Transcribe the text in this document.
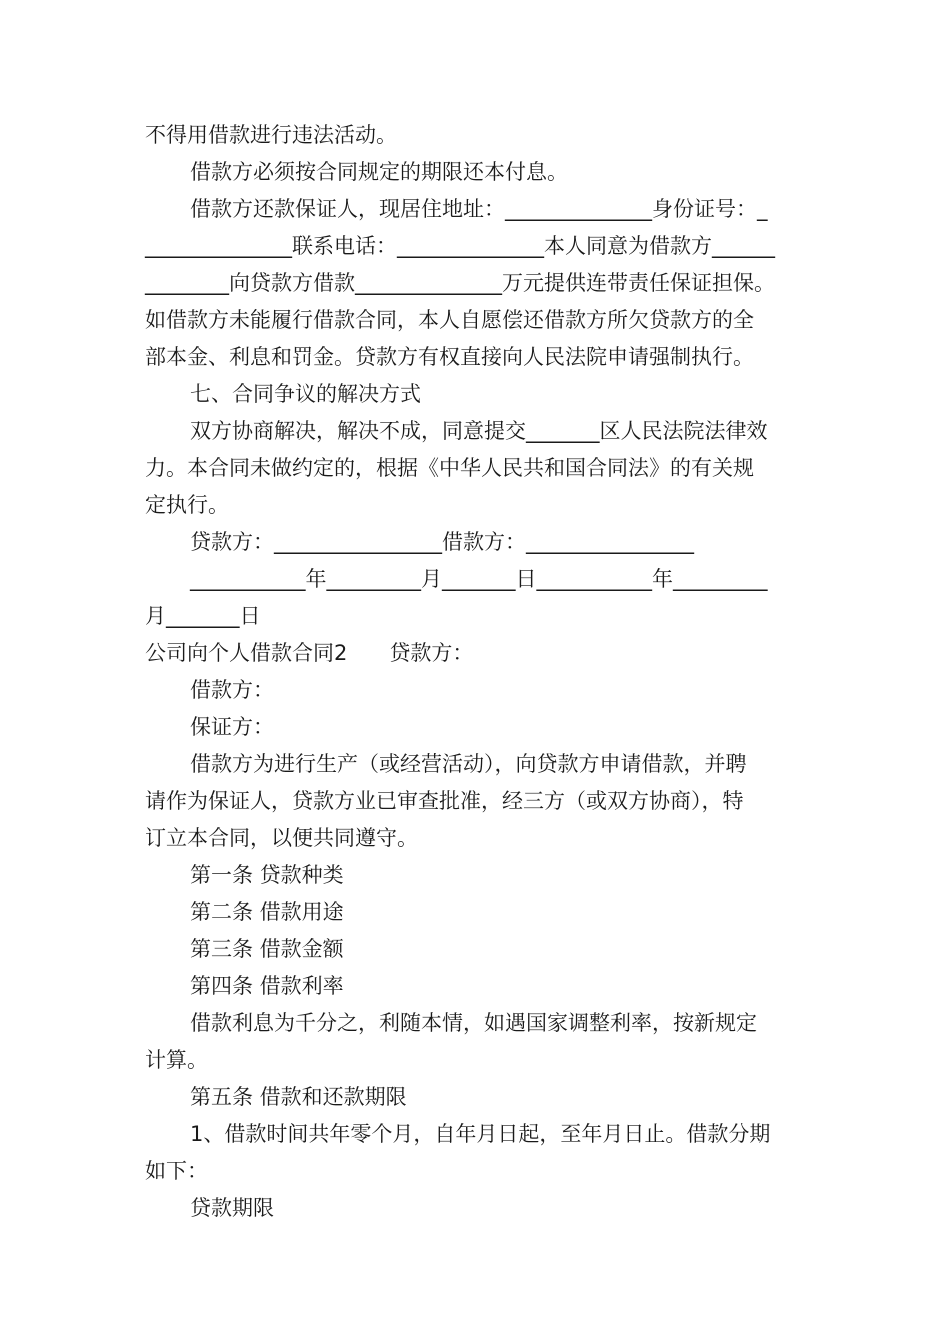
不得用借款进行违法活动。
借款方必须按合同规定的期限还本付息。
借款方还款保证人，现居住地址：______________身份证号：_
______________联系电话：______________本人同意为借款方______
________向贷款方借款______________万元提供连带责任保证担保。
如借款方未能履行借款合同，本人自愿偿还借款方所欠贷款方的全
部本金、利息和罚金。贷款方有权直接向人民法院申请强制执行。
七、合同争议的解决方式
双方协商解决，解决不成，同意提交_______区人民法院法律效
力。本合同未做约定的，根据《中华人民共和国合同法》的有关规
定执行。
贷款方：________________借款方：________________
___________年_________月_______日___________年_________
月_______日
公司向个人借款合同2　　贷款方：
借款方：
保证方：
借款方为进行生产（或经营活动），向贷款方申请借款，并聘
请作为保证人，贷款方业已审查批准，经三方（或双方协商），特
订立本合同，以便共同遵守。
第一条 贷款种类
第二条 借款用途
第三条 借款金额
第四条 借款利率
借款利息为千分之，利随本情，如遇国家调整利率，按新规定
计算。
第五条 借款和还款期限
1、借款时间共年零个月，自年月日起，至年月日止。借款分期
如下：
贷款期限
